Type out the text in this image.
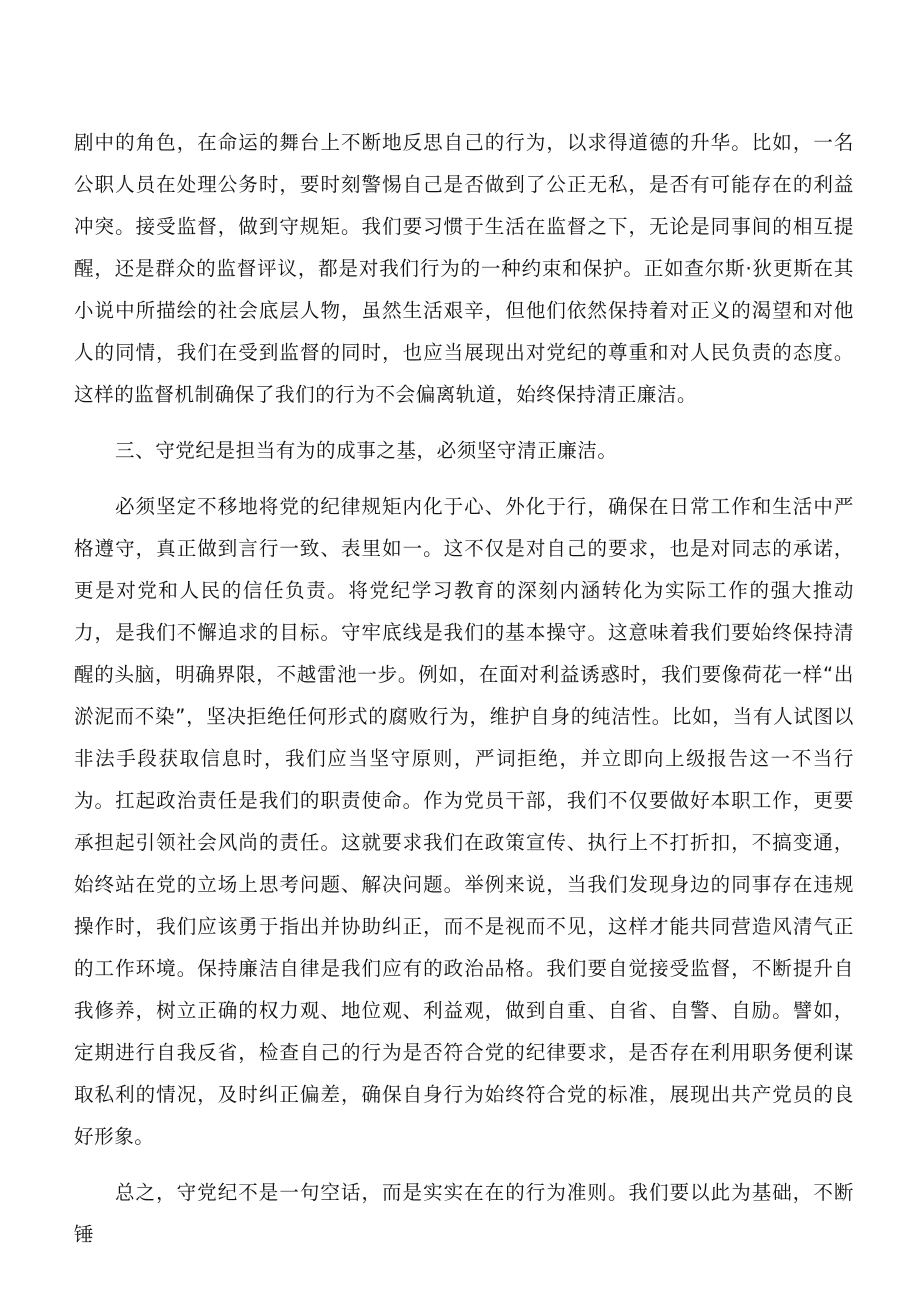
剧中的角色，在命运的舞台上不断地反思自己的行为，以求得道德的升华。比如，一名公职人员在处理公务时，要时刻警惕自己是否做到了公正无私，是否有可能存在的利益冲突。接受监督，做到守规矩。我们要习惯于生活在监督之下，无论是同事间的相互提醒，还是群众的监督评议，都是对我们行为的一种约束和保护。正如查尔斯·狄更斯在其小说中所描绘的社会底层人物，虽然生活艰辛，但他们依然保持着对正义的渴望和对他人的同情，我们在受到监督的同时，也应当展现出对党纪的尊重和对人民负责的态度。这样的监督机制确保了我们的行为不会偏离轨道，始终保持清正廉洁。

三、守党纪是担当有为的成事之基，必须坚守清正廉洁。

必须坚定不移地将党的纪律规矩内化于心、外化于行，确保在日常工作和生活中严格遵守，真正做到言行一致、表里如一。这不仅是对自己的要求，也是对同志的承诺，更是对党和人民的信任负责。将党纪学习教育的深刻内涵转化为实际工作的强大推动力，是我们不懈追求的目标。守牢底线是我们的基本操守。这意味着我们要始终保持清醒的头脑，明确界限，不越雷池一步。例如，在面对利益诱惑时，我们要像荷花一样“出淤泥而不染”，坚决拒绝任何形式的腐败行为，维护自身的纯洁性。比如，当有人试图以非法手段获取信息时，我们应当坚守原则，严词拒绝，并立即向上级报告这一不当行为。扛起政治责任是我们的职责使命。作为党员干部，我们不仅要做好本职工作，更要承担起引领社会风尚的责任。这就要求我们在政策宣传、执行上不打折扣，不搞变通，始终站在党的立场上思考问题、解决问题。举例来说，当我们发现身边的同事存在违规操作时，我们应该勇于指出并协助纠正，而不是视而不见，这样才能共同营造风清气正的工作环境。保持廉洁自律是我们应有的政治品格。我们要自觉接受监督，不断提升自我修养，树立正确的权力观、地位观、利益观，做到自重、自省、自警、自励。譬如，定期进行自我反省，检查自己的行为是否符合党的纪律要求，是否存在利用职务便利谋取私利的情况，及时纠正偏差，确保自身行为始终符合党的标准，展现出共产党员的良好形象。

总之，守党纪不是一句空话，而是实实在在的行为准则。我们要以此为基础，不断锤
